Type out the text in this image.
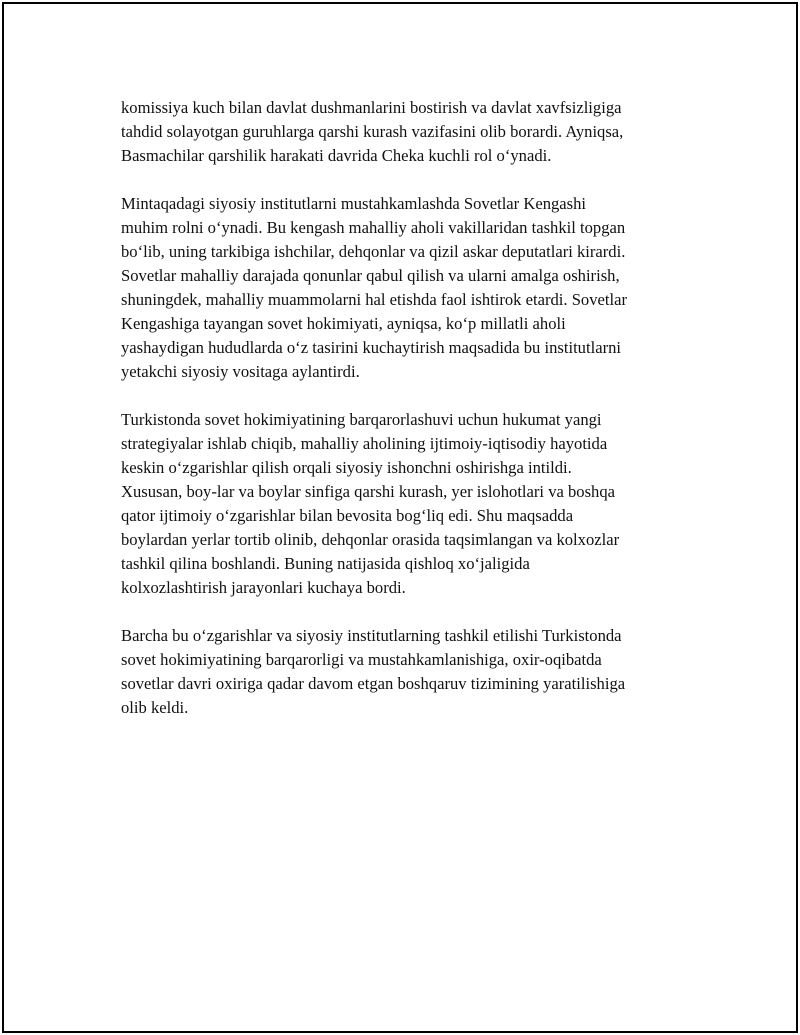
komissiya kuch bilan davlat dushmanlarini bostirish va davlat xavfsizligiga
tahdid solayotgan guruhlarga qarshi kurash vazifasini olib borardi. Ayniqsa,
Basmachilar qarshilik harakati davrida Cheka kuchli rol oʻynadi.

Mintaqadagi siyosiy institutlarni mustahkamlashda Sovetlar Kengashi
muhim rolni oʻynadi. Bu kengash mahalliy aholi vakillaridan tashkil topgan
boʻlib, uning tarkibiga ishchilar, dehqonlar va qizil askar deputatlari kirardi.
Sovetlar mahalliy darajada qonunlar qabul qilish va ularni amalga oshirish,
shuningdek, mahalliy muammolarni hal etishda faol ishtirok etardi. Sovetlar
Kengashiga tayangan sovet hokimiyati, ayniqsa, koʻp millatli aholi
yashaydigan hududlarda oʻz tasirini kuchaytirish maqsadida bu institutlarni
yetakchi siyosiy vositaga aylantirdi.

Turkistonda sovet hokimiyatining barqarorlashuvi uchun hukumat yangi
strategiyalar ishlab chiqib, mahalliy aholining ijtimoiy-iqtisodiy hayotida
keskin oʻzgarishlar qilish orqali siyosiy ishonchni oshirishga intildi.
Xususan, boy-lar va boylar sinfiga qarshi kurash, yer islohotlari va boshqa
qator ijtimoiy oʻzgarishlar bilan bevosita bogʻliq edi. Shu maqsadda
boylardan yerlar tortib olinib, dehqonlar orasida taqsimlangan va kolxozlar
tashkil qilina boshlandi. Buning natijasida qishloq xoʻjaligida
kolxozlashtirish jarayonlari kuchaya bordi.

Barcha bu oʻzgarishlar va siyosiy institutlarning tashkil etilishi Turkistonda
sovet hokimiyatining barqarorligi va mustahkamlanishiga, oxir-oqibatda
sovetlar davri oxiriga qadar davom etgan boshqaruv tizimining yaratilishiga
olib keldi.
